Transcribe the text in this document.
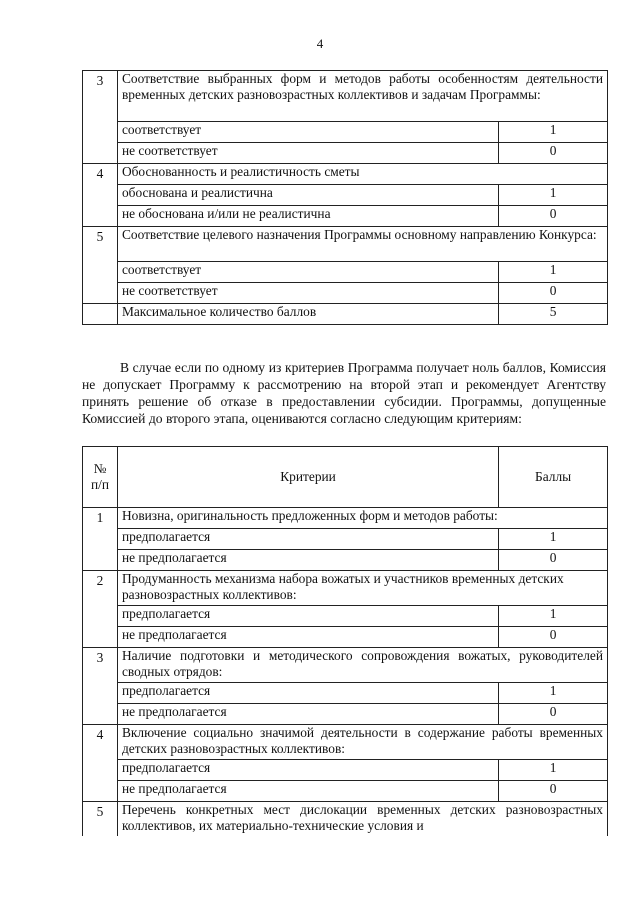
4
3	Соответствие выбранных форм и методов работы особенностям деятельности временных детских разновозрастных коллективов и задачам Программы:	
	соответствует	1
	не соответствует	0
4	Обоснованность и реалистичность сметы	
	обоснована и реалистична	1
	не обоснована и/или не реалистична	0
5	Соответствие целевого назначения Программы основному направлению Конкурса:	
	соответствует	1
	не соответствует	0
	Максимальное количество баллов	5

В случае если по одному из критериев Программа получает ноль баллов, Комиссия не допускает Программу к рассмотрению на второй этап и рекомендует Агентству принять решение об отказе в предоставлении субсидии. Программы, допущенные Комиссией до второго этапа, оцениваются согласно следующим критериям:

№ п/п	Критерии	Баллы
1	Новизна, оригинальность предложенных форм и методов работы:	
	предполагается	1
	не предполагается	0
2	Продуманность механизма набора вожатых и участников временных детских разновозрастных коллективов:	
	предполагается	1
	не предполагается	0
3	Наличие подготовки и методического сопровождения вожатых, руководителей сводных отрядов:	
	предполагается	1
	не предполагается	0
4	Включение социально значимой деятельности в содержание работы временных детских разновозрастных коллективов:	
	предполагается	1
	не предполагается	0
5	Перечень конкретных мест дислокации временных детских разновозрастных коллективов, их материально-технические условия и	
